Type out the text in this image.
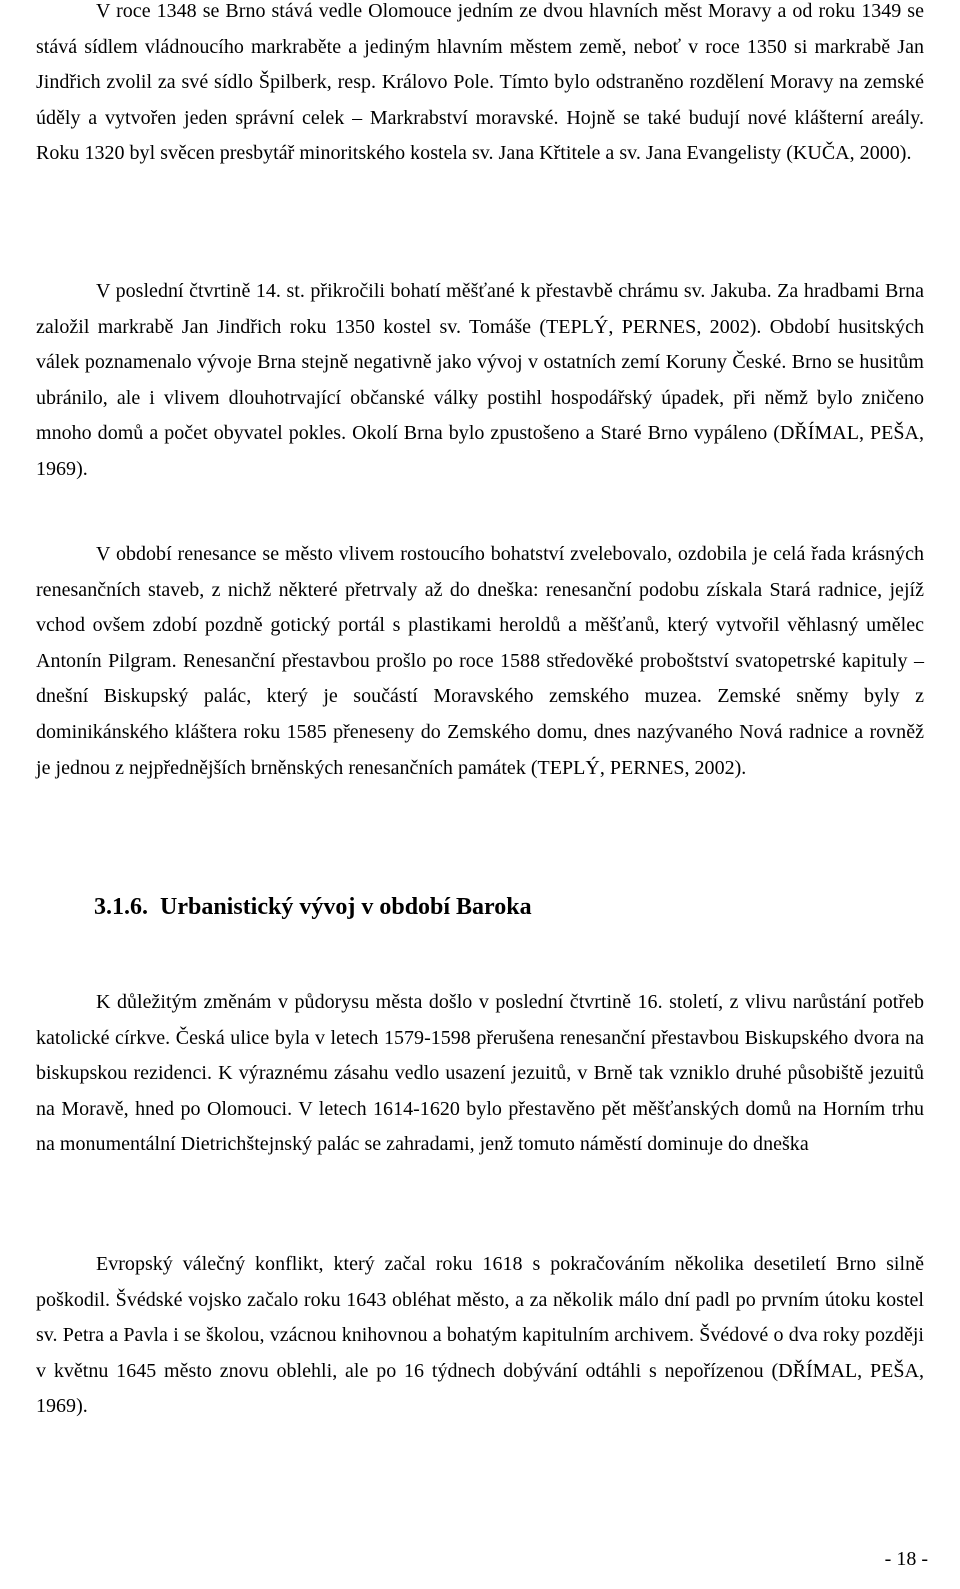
V roce 1348 se Brno stává vedle Olomouce jedním ze dvou hlavních měst Moravy a od roku 1349 se stává sídlem vládnoucího markraběte a jediným hlavním městem země, neboť v roce 1350 si markrabě Jan Jindřich zvolil za své sídlo Špilberk, resp. Královo Pole. Tímto bylo odstraněno rozdělení Moravy na zemské úděly a vytvořen jeden správní celek – Markrabství moravské. Hojně se také budují nové klášterní areály. Roku 1320 byl svěcen presbytář minoritského kostela sv. Jana Křtitele a sv. Jana Evangelisty (KUČA, 2000).

V poslední čtvrtině 14. st. přikročili bohatí měšťané k přestavbě chrámu sv. Jakuba. Za hradbami Brna založil markrabě Jan Jindřich roku 1350 kostel sv. Tomáše (TEPLÝ, PERNES, 2002). Období husitských válek poznamenalo vývoje Brna stejně negativně jako vývoj v ostatních zemí Koruny České. Brno se husitům ubránilo, ale i vlivem dlouhotrvající občanské války postihl hospodářský úpadek, při němž bylo zničeno mnoho domů a počet obyvatel pokles. Okolí Brna bylo zpustošeno a Staré Brno vypáleno (DŘÍMAL, PEŠA, 1969).

V období renesance se město vlivem rostoucího bohatství zvelebovalo, ozdobila je celá řada krásných renesančních staveb, z nichž některé přetrvaly až do dneška: renesanční podobu získala Stará radnice, jejíž vchod ovšem zdobí pozdně gotický portál s plastikami heroldů a měšťanů, který vytvořil věhlasný umělec Antonín Pilgram. Renesanční přestavbou prošlo po roce 1588 středověké proboštství svatopetrské kapituly – dnešní Biskupský palác, který je součástí Moravského zemského muzea. Zemské sněmy byly z dominikánského kláštera roku 1585 přeneseny do Zemského domu, dnes nazývaného Nová radnice a rovněž je jednou z nejpřednějších brněnských renesančních památek (TEPLÝ, PERNES, 2002).

3.1.6. Urbanistický vývoj v období Baroka

K důležitým změnám v půdorysu města došlo v poslední čtvrtině 16. století, z vlivu narůstání potřeb katolické církve. Česká ulice byla v letech 1579-1598 přerušena renesanční přestavbou Biskupského dvora na biskupskou rezidenci. K výraznému zásahu vedlo usazení jezuitů, v Brně tak vzniklo druhé působiště jezuitů na Moravě, hned po Olomouci. V letech 1614-1620 bylo přestavěno pět měšťanských domů na Horním trhu na monumentální Dietrichštejnský palác se zahradami, jenž tomuto náměstí dominuje do dneška

Evropský válečný konflikt, který začal roku 1618 s pokračováním několika desetiletí Brno silně poškodil. Švédské vojsko začalo roku 1643 obléhat město, a za několik málo dní padl po prvním útoku kostel sv. Petra a Pavla i se školou, vzácnou knihovnou a bohatým kapitulním archivem. Švédové o dva roky později v květnu 1645 město znovu oblehli, ale po 16 týdnech dobývání odtáhli s nepořízenou (DŘÍMAL, PEŠA, 1969).

- 18 -
